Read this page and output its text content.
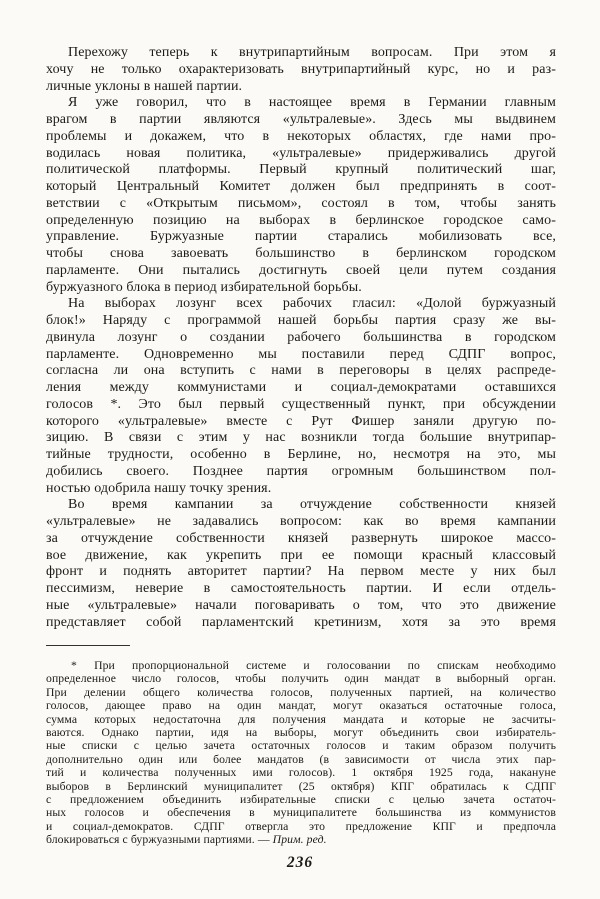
Перехожу теперь к внутрипартийным вопросам. При этом я
хочу не только охарактеризовать внутрипартийный курс, но и раз-
личные уклоны в нашей партии.
Я уже говорил, что в настоящее время в Германии главным
врагом в партии являются «ультралевые». Здесь мы выдвинем
проблемы и докажем, что в некоторых областях, где нами про-
водилась новая политика, «ультралевые» придерживались другой
политической платформы. Первый крупный политический шаг,
который Центральный Комитет должен был предпринять в соот-
ветствии с «Открытым письмом», состоял в том, чтобы занять
определенную позицию на выборах в берлинское городское само-
управление. Буржуазные партии старались мобилизовать все,
чтобы снова завоевать большинство в берлинском городском
парламенте. Они пытались достигнуть своей цели путем создания
буржуазного блока в период избирательной борьбы.
На выборах лозунг всех рабочих гласил: «Долой буржуазный
блок!» Наряду с программой нашей борьбы партия сразу же вы-
двинула лозунг о создании рабочего большинства в городском
парламенте. Одновременно мы поставили перед СДПГ вопрос,
согласна ли она вступить с нами в переговоры в целях распреде-
ления между коммунистами и социал-демократами оставшихся
голосов *. Это был первый существенный пункт, при обсуждении
которого «ультралевые» вместе с Рут Фишер заняли другую по-
зицию. В связи с этим у нас возникли тогда большие внутрипар-
тийные трудности, особенно в Берлине, но, несмотря на это, мы
добились своего. Позднее партия огромным большинством пол-
ностью одобрила нашу точку зрения.
Во время кампании за отчуждение собственности князей
«ультралевые» не задавались вопросом: как во время кампании
за отчуждение собственности князей развернуть широкое массо-
вое движение, как укрепить при ее помощи красный классовый
фронт и поднять авторитет партии? На первом месте у них был
пессимизм, неверие в самостоятельность партии. И если отдель-
ные «ультралевые» начали поговаривать о том, что это движение
представляет собой парламентский кретинизм, хотя за это время
* При пропорциональной системе и голосовании по спискам необходимо
определенное число голосов, чтобы получить один мандат в выборный орган.
При делении общего количества голосов, полученных партией, на количество
голосов, дающее право на один мандат, могут оказаться остаточные голоса,
сумма которых недостаточна для получения мандата и которые не засчиты-
ваются. Однако партии, идя на выборы, могут объединить свои избиратель-
ные списки с целью зачета остаточных голосов и таким образом получить
дополнительно один или более мандатов (в зависимости от числа этих пар-
тий и количества полученных ими голосов). 1 октября 1925 года, накануне
выборов в Берлинский муниципалитет (25 октября) КПГ обратилась к СДПГ
с предложением объединить избирательные списки с целью зачета остаточ-
ных голосов и обеспечения в муниципалитете большинства из коммунистов
и социал-демократов. СДПГ отвергла это предложение КПГ и предпочла
блокироваться с буржуазными партиями. — Прим. ред.
236
